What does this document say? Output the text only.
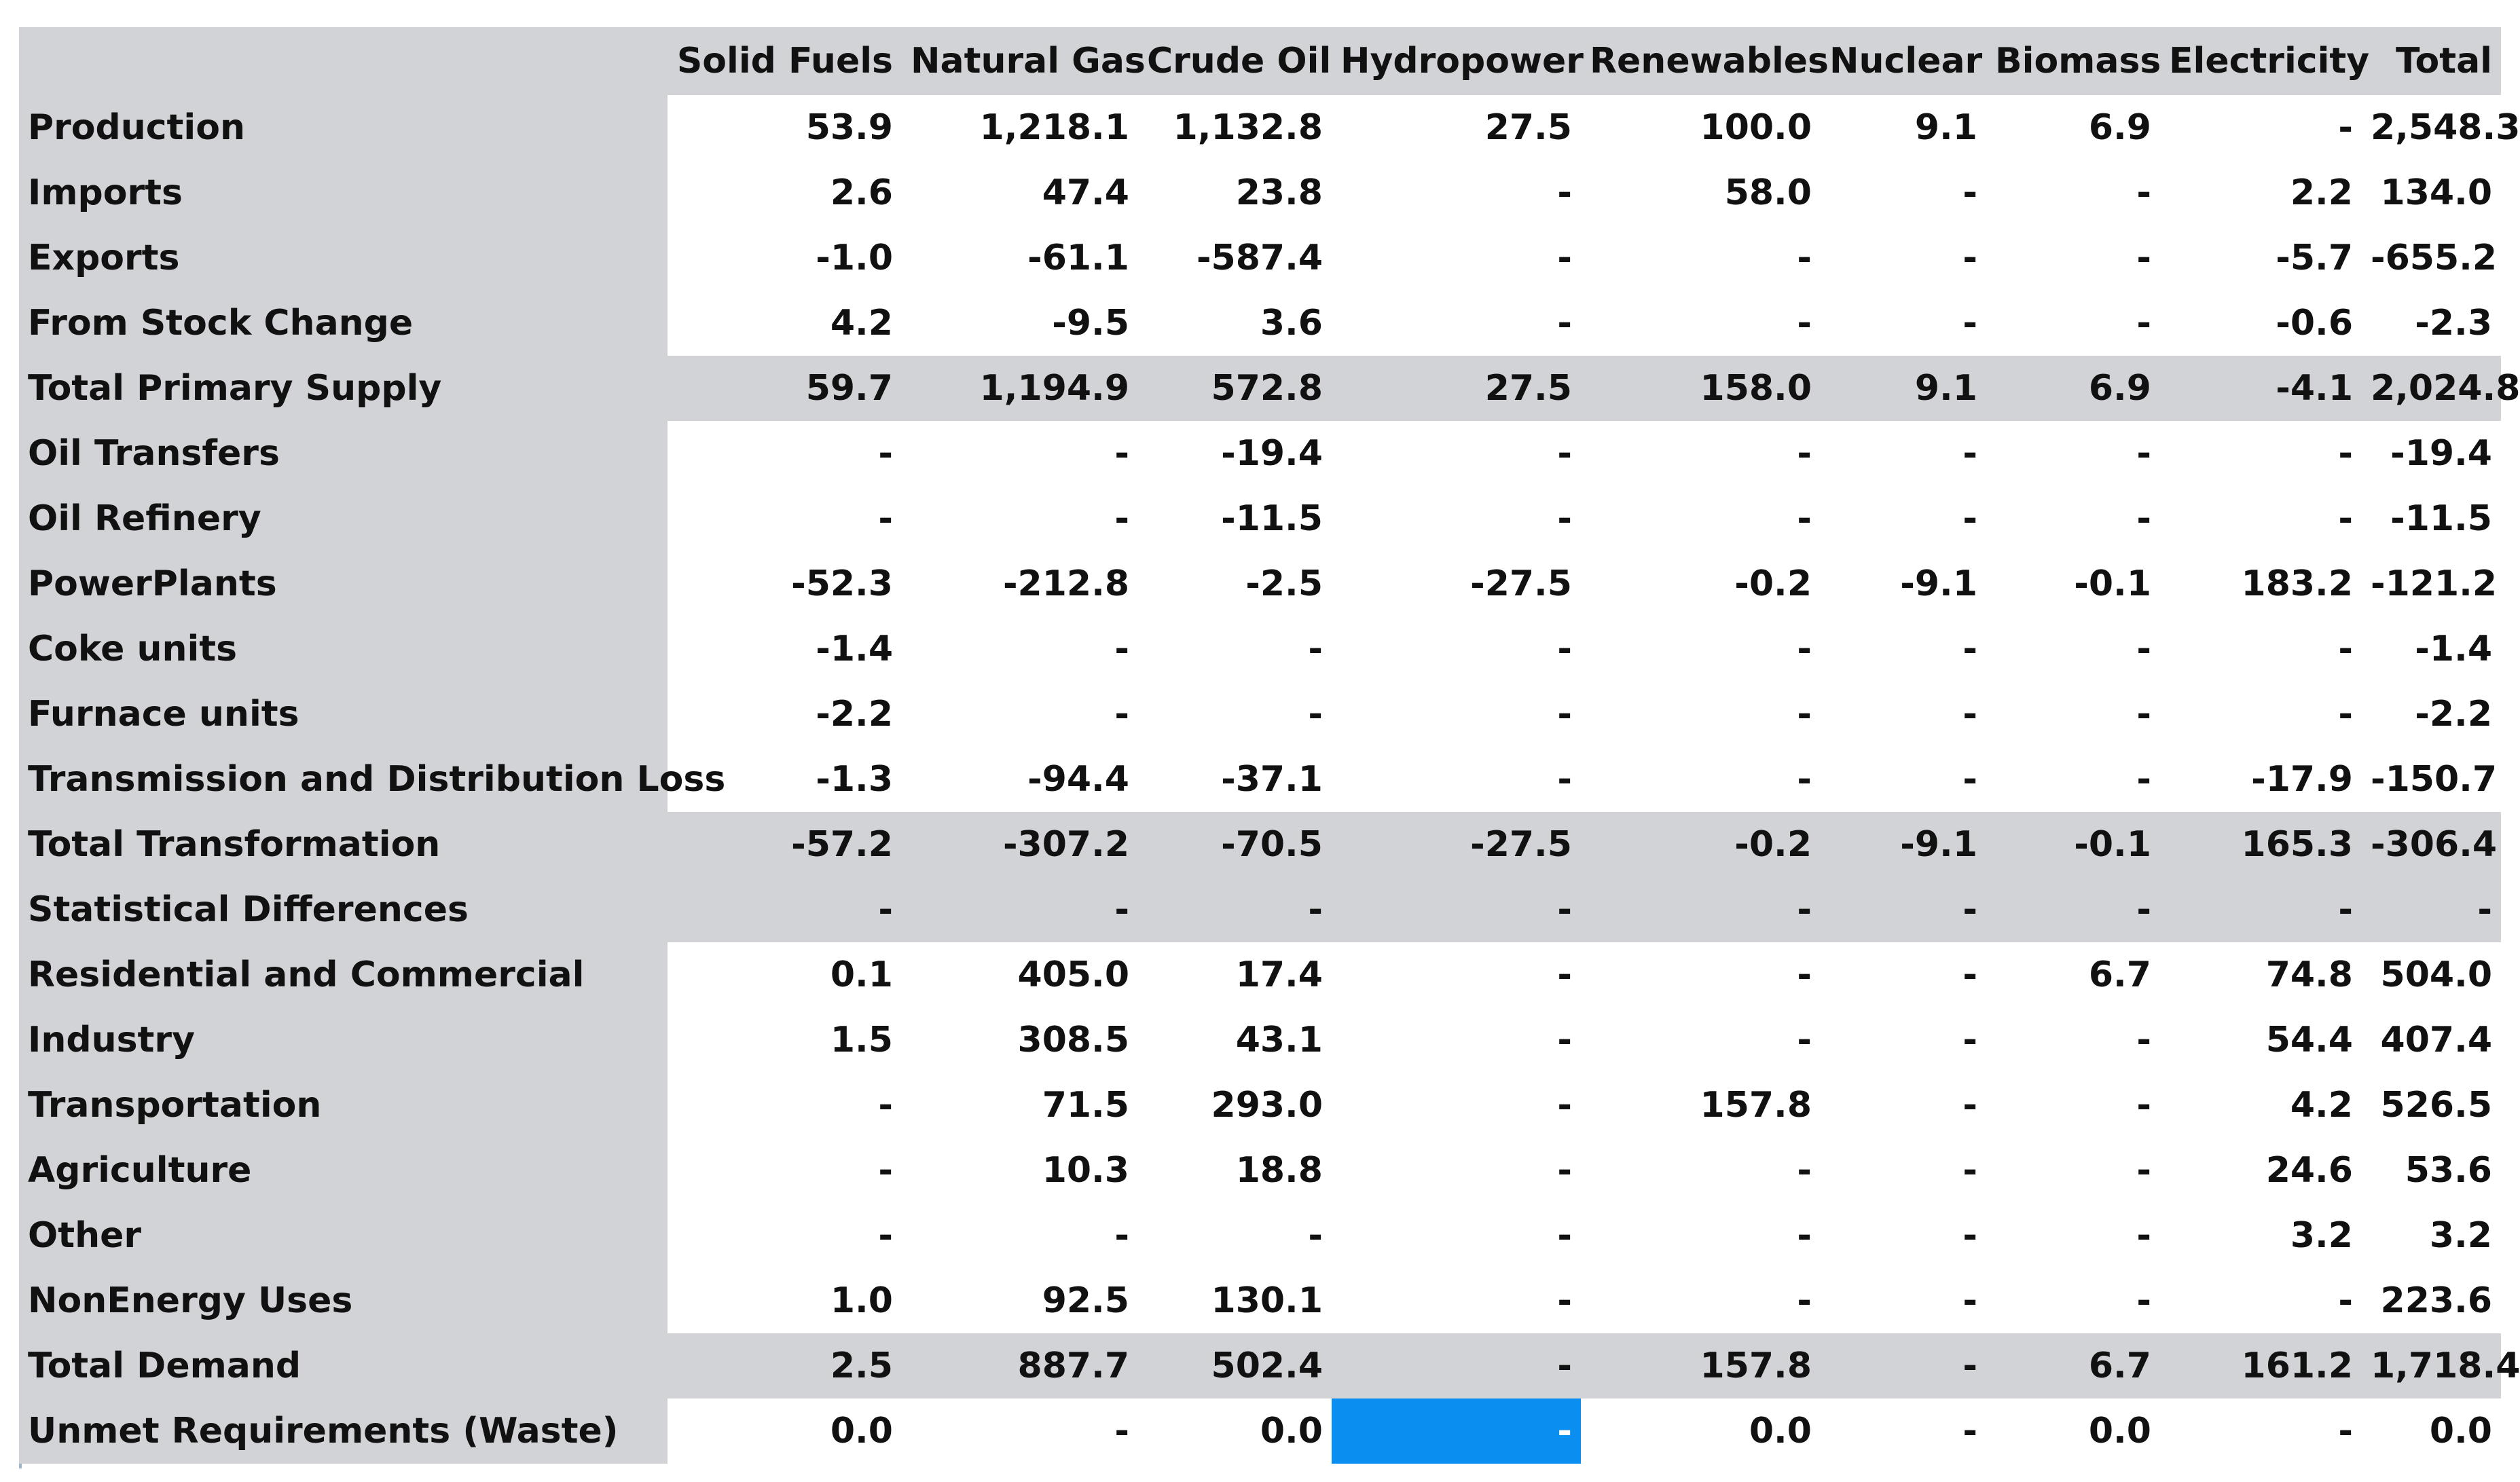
	Solid Fuels	Natural Gas	Crude Oil	Hydropower	Renewables	Nuclear	Biomass	Electricity	Total
Production	53.9	1,218.1	1,132.8	27.5	100.0	9.1	6.9	-	2,548.3
Imports	2.6	47.4	23.8	-	58.0	-	-	2.2	134.0
Exports	-1.0	-61.1	-587.4	-	-	-	-	-5.7	-655.2
From Stock Change	4.2	-9.5	3.6	-	-	-	-	-0.6	-2.3
Total Primary Supply	59.7	1,194.9	572.8	27.5	158.0	9.1	6.9	-4.1	2,024.8
Oil Transfers	-	-	-19.4	-	-	-	-	-	-19.4
Oil Refinery	-	-	-11.5	-	-	-	-	-	-11.5
PowerPlants	-52.3	-212.8	-2.5	-27.5	-0.2	-9.1	-0.1	183.2	-121.2
Coke units	-1.4	-	-	-	-	-	-	-	-1.4
Furnace units	-2.2	-	-	-	-	-	-	-	-2.2
Transmission and Distribution Loss	-1.3	-94.4	-37.1	-	-	-	-	-17.9	-150.7
Total Transformation	-57.2	-307.2	-70.5	-27.5	-0.2	-9.1	-0.1	165.3	-306.4
Statistical Differences	-	-	-	-	-	-	-	-	-
Residential and Commercial	0.1	405.0	17.4	-	-	-	6.7	74.8	504.0
Industry	1.5	308.5	43.1	-	-	-	-	54.4	407.4
Transportation	-	71.5	293.0	-	157.8	-	-	4.2	526.5
Agriculture	-	10.3	18.8	-	-	-	-	24.6	53.6
Other	-	-	-	-	-	-	-	3.2	3.2
NonEnergy Uses	1.0	92.5	130.1	-	-	-	-	-	223.6
Total Demand	2.5	887.7	502.4	-	157.8	-	6.7	161.2	1,718.4
Unmet Requirements (Waste)	0.0	-	0.0	-	0.0	-	0.0	-	0.0
